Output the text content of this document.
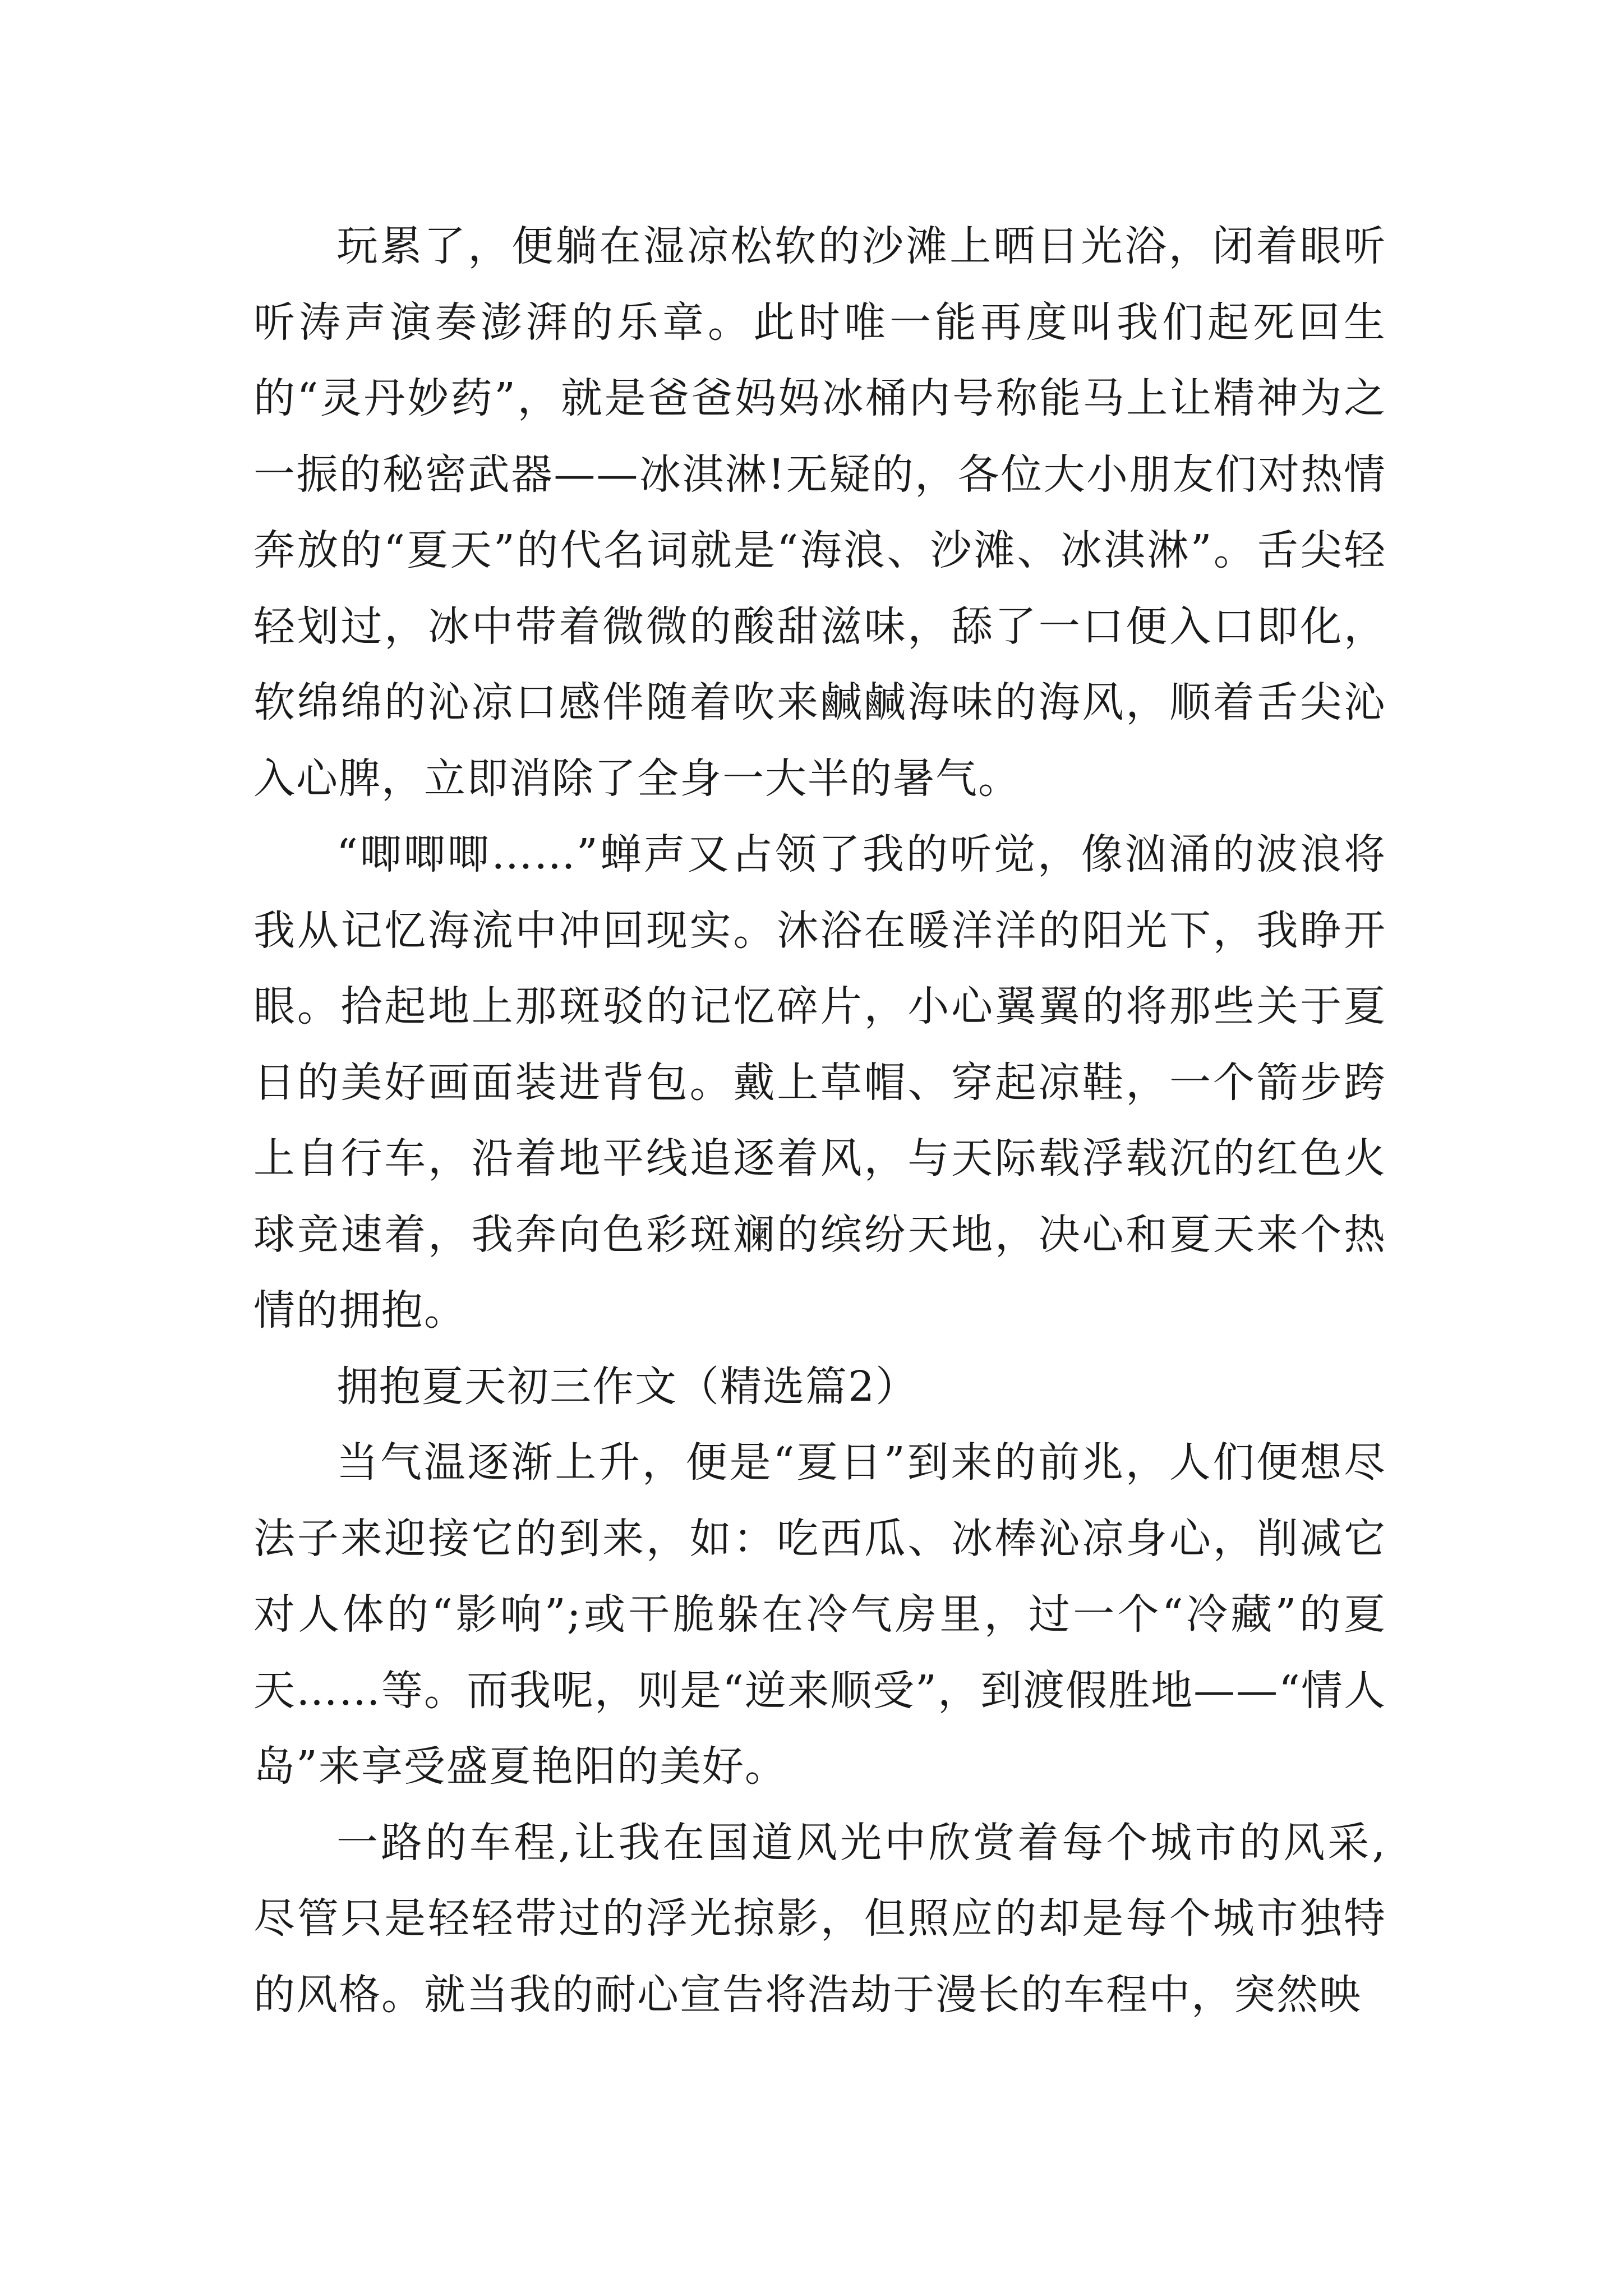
玩累了，便躺在湿凉松软的沙滩上晒日光浴，闭着眼听听涛声演奏澎湃的乐章。此时唯一能再度叫我们起死回生的“灵丹妙药”，就是爸爸妈妈冰桶内号称能马上让精神为之一振的秘密武器——冰淇淋!无疑的，各位大小朋友们对热情奔放的“夏天”的代名词就是“海浪、沙滩、冰淇淋”。舌尖轻轻划过，冰中带着微微的酸甜滋味，舔了一口便入口即化，软绵绵的沁凉口感伴随着吹来鹹鹹海味的海风，顺着舌尖沁入心脾，立即消除了全身一大半的暑气。

“唧唧唧……”蝉声又占领了我的听觉，像汹涌的波浪将我从记忆海流中冲回现实。沐浴在暖洋洋的阳光下，我睁开眼。拾起地上那斑驳的记忆碎片，小心翼翼的将那些关于夏日的美好画面装进背包。戴上草帽、穿起凉鞋，一个箭步跨上自行车，沿着地平线追逐着风，与天际载浮载沉的红色火球竞速着，我奔向色彩斑斓的缤纷天地，决心和夏天来个热情的拥抱。

拥抱夏天初三作文（精选篇2）

当气温逐渐上升，便是“夏日”到来的前兆，人们便想尽法子来迎接它的到来，如：吃西瓜、冰棒沁凉身心，削减它对人体的“影响”;或干脆躲在冷气房里，过一个“冷藏”的夏天……等。而我呢，则是“逆来顺受”，到渡假胜地——“情人岛”来享受盛夏艳阳的美好。

一路的车程,让我在国道风光中欣赏着每个城市的风采,尽管只是轻轻带过的浮光掠影，但照应的却是每个城市独特的风格。就当我的耐心宣告将浩劫于漫长的车程中，突然映
